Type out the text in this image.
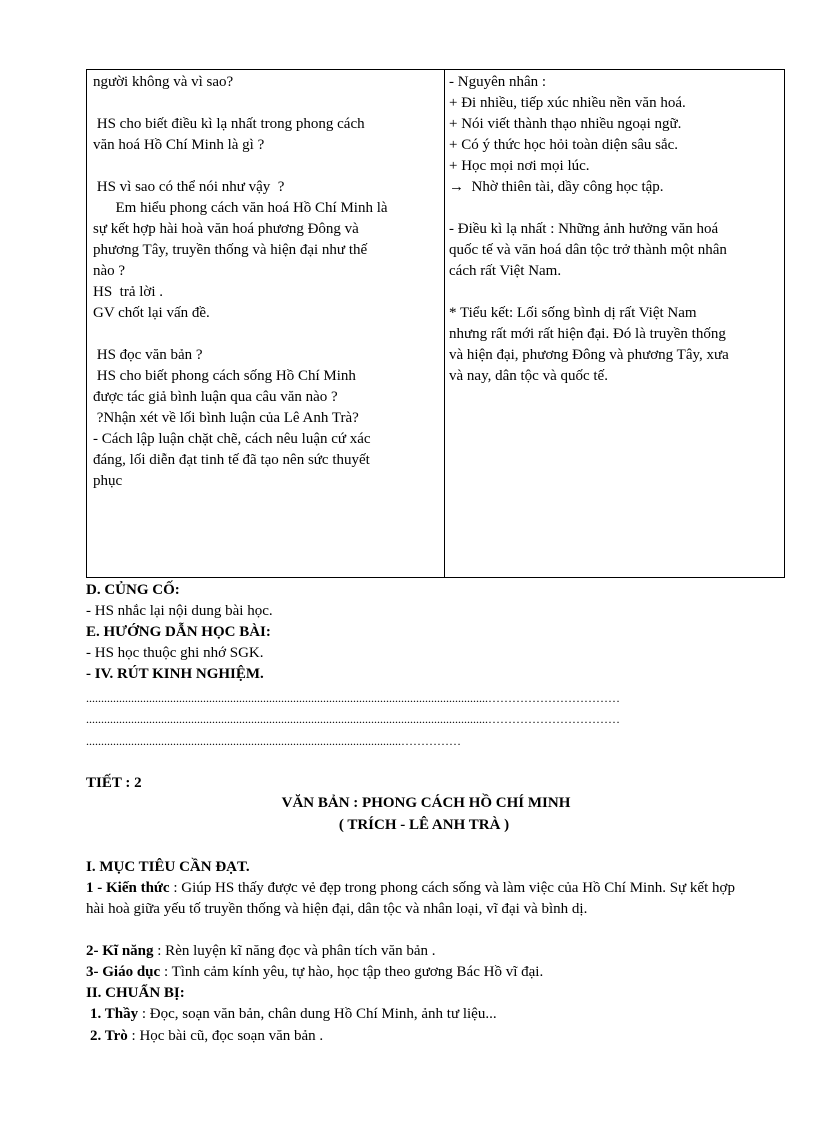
người không và vì sao?
HS cho biết điều kì lạ nhất trong phong cách
văn hoá Hồ Chí Minh là gì ?
HS vì sao có thể nói như vậy  ?
Em hiểu phong cách văn hoá Hồ Chí Minh là
sự kết hợp hài hoà văn hoá phương Đông và
phương Tây, truyền thống và hiện đại như thế
nào ?
HS  trả lời .
GV chốt lại vấn đề.
HS đọc văn bản ?
HS cho biết phong cách sống Hồ Chí Minh
được tác giả bình luận qua câu văn nào ?
?Nhận xét về lối bình luận của Lê Anh Trà?
- Cách lập luận chặt chẽ, cách nêu luận cứ xác
đáng, lối diễn đạt tinh tế đã tạo nên sức thuyết
phục
- Nguyên nhân :
+ Đi nhiều, tiếp xúc nhiều nền văn hoá.
+ Nói viết thành thạo nhiều ngoại ngữ.
+ Có ý thức học hỏi toàn diện sâu sắc.
+ Học mọi nơi mọi lúc.
→  Nhờ thiên tài, dầy công học tập.
- Điều kì lạ nhất : Những ảnh hưởng văn hoá
quốc tế và văn hoá dân tộc trở thành một nhân
cách rất Việt Nam.
* Tiểu kết: Lối sống bình dị rất Việt Nam
nhưng rất mới rất hiện đại. Đó là truyền thống
và hiện đại, phương Đông và phương Tây, xưa
và nay, dân tộc và quốc tế.
D. CỦNG CỐ:
- HS nhắc lại nội dung bài học.
E. HƯỚNG DẪN HỌC BÀI:
- HS học thuộc ghi nhớ SGK.
- IV. RÚT KINH NGHIỆM.
......................................................................................................................................……………………………
......................................................................................................................................……………………………
.........................................................................................................……………
TIẾT : 2
VĂN BẢN : PHONG CÁCH HỒ CHÍ MINH
( TRÍCH - LÊ ANH TRÀ )
I. MỤC TIÊU CẦN ĐẠT.
1 - Kiến thức : Giúp HS thấy được vẻ đẹp trong phong cách sống và làm việc của Hồ Chí Minh. Sự kết hợp hài hoà giữa yếu tố truyền thống và hiện đại, dân tộc và nhân loại, vĩ đại và bình dị.
2- Kĩ năng : Rèn luyện kĩ năng đọc và phân tích văn bản .
3- Giáo dục : Tình cảm kính yêu, tự hào, học tập theo gương Bác Hồ vĩ đại.
II. CHUẨN BỊ:
1. Thầy : Đọc, soạn văn bản, chân dung Hồ Chí Minh, ảnh tư liệu...
2. Trò : Học bài cũ, đọc soạn văn bản .
